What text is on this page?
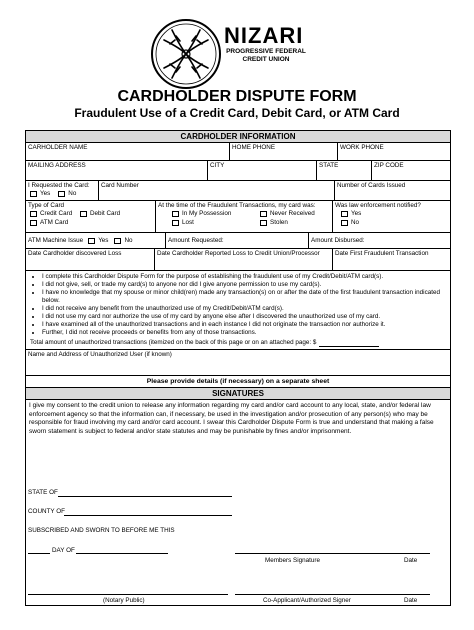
NIZARI
PROGRESSIVE FEDERAL
CREDIT UNION
CARDHOLDER DISPUTE FORM
Fraudulent Use of a Credit Card, Debit Card, or ATM Card
CARDHOLDER INFORMATION
CARHOLDER NAME	HOME PHONE	WORK PHONE
MAILING ADDRESS	CITY	STATE	ZIP CODE
I Requested the Card:
Yes	No
Card Number	Number of Cards Issued
Type of Card
Credit Card	Debit Card
ATM Card
At the time of the Fraudulent Transactions, my card was:
In My Possession	Never Received
Lost	Stolen
Was law enforcement notified?
Yes
No
ATM Machine Issue Yes	No	Amount Requested:	Amount Disbursed:
Date Cardholder discovered Loss	Date Cardholder Reported Loss to Credit Union/Processor	Date First Fraudulent Transaction
• I complete this Cardholder Dispute Form for the purpose of establishing the fraudulent use of my Credit/Debit/ATM card(s).
• I did not give, sell, or trade my card(s) to anyone nor did I give anyone permission to use my card(s).
• I have no knowledge that my spouse or minor child(ren) made any transaction(s) on or after the date of the first fraudulent transaction indicated below.
• I did not receive any benefit from the unauthorized use of my Credit/Debit/ATM card(s).
• I did not use my card nor authorize the use of my card by anyone else after I discovered the unauthorized use of my card.
• I have examined all of the unauthorized transactions and in each instance I did not originate the transaction nor authorize it.
• Further, I did not receive proceeds or benefits from any of those transactions.
Total amount of unauthorized transactions (itemized on the back of this page or on an attached page: $
Name and Address of Unauthorized User (if known)
Please provide details (if necessary) on a separate sheet
SIGNATURES
I give my consent to the credit union to release any information regarding my card and/or card account to any local, state, and/or federal law enforcement agency so that the information can, if necessary, be used in the investigation and/or prosecution of any person(s) who may be responsible for fraud involving my card and/or card account. I swear this Cardholder Dispute Form is true and understand that making a false sworn statement is subject to federal and/or state statutes and may be punishable by fines and/or imprisonment.
STATE OF
COUNTY OF
SUBSCRIBED AND SWORN TO BEFORE ME THIS
DAY OF
Members Signature	Date
(Notary Public)	Co-Applicant/Authorized Signer	Date
